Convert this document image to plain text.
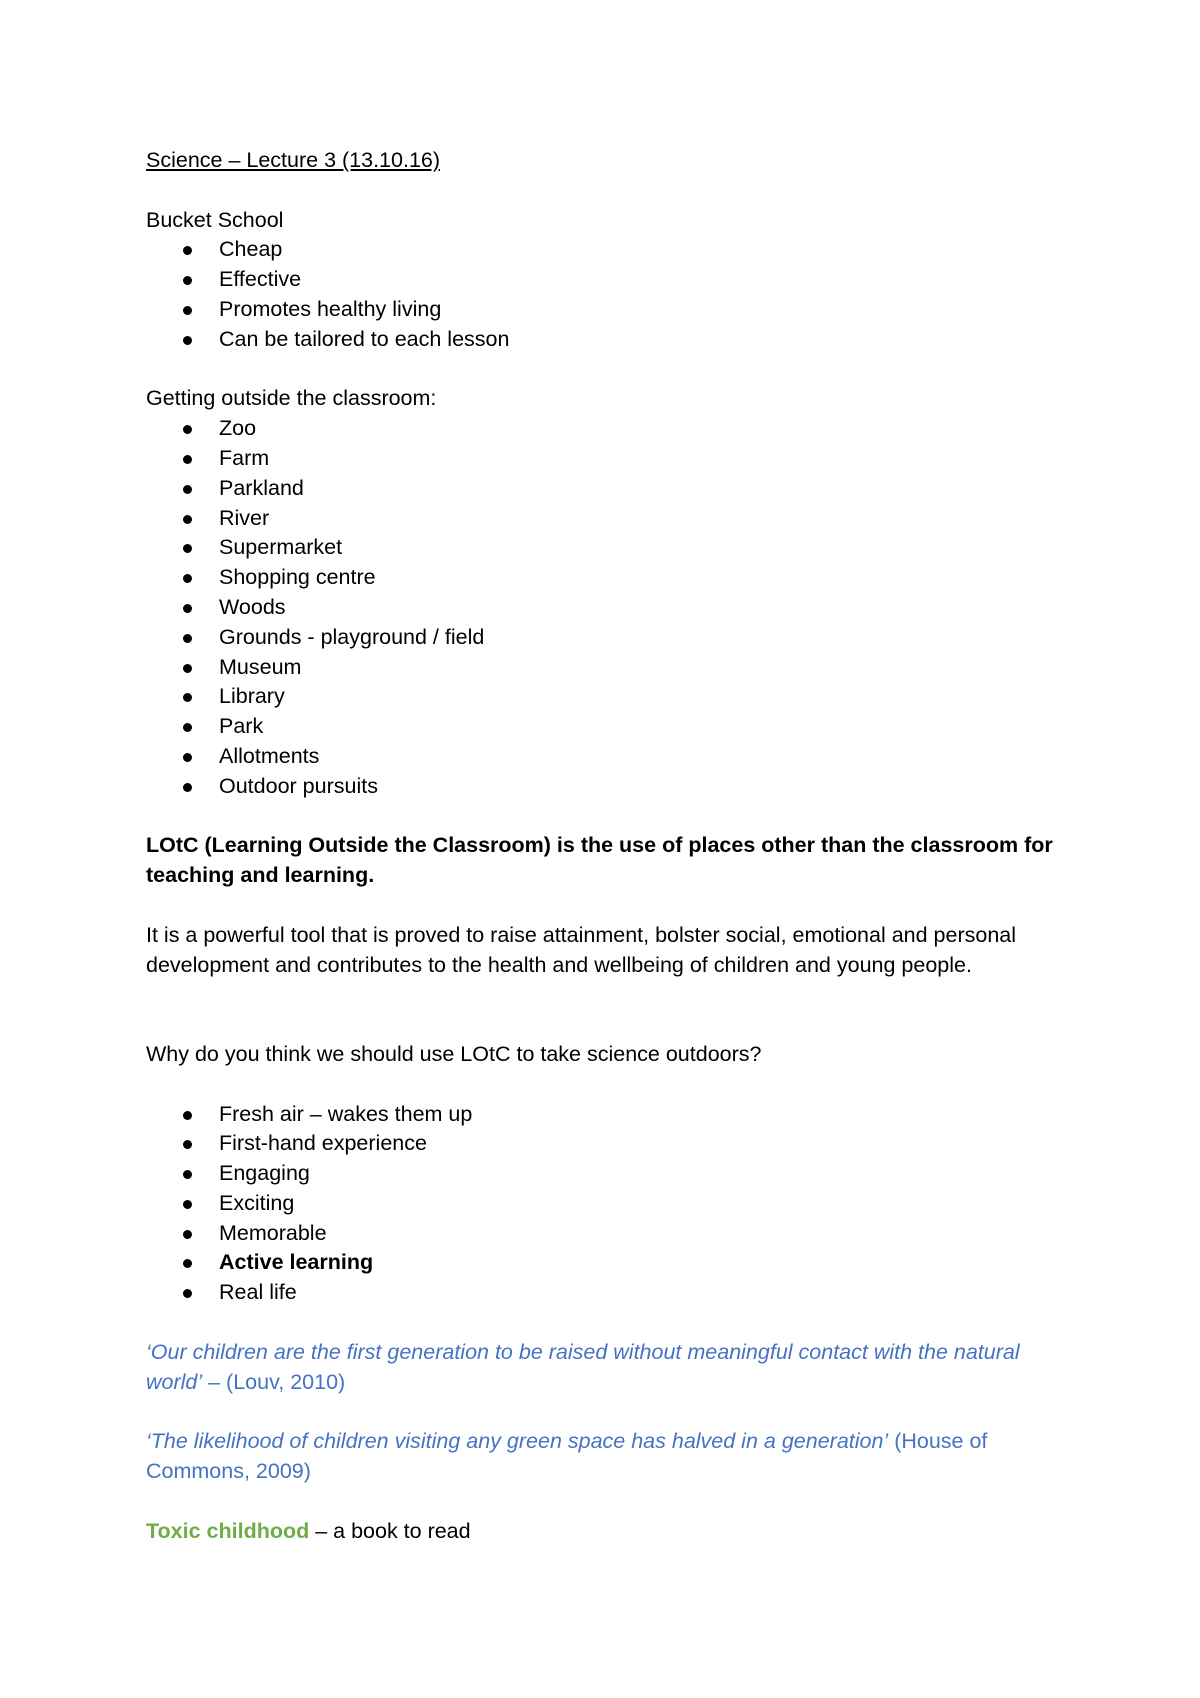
Science – Lecture 3 (13.10.16)

Bucket School

Cheap
Effective
Promotes healthy living
Can be tailored to each lesson

Getting outside the classroom:

Zoo
Farm
Parkland
River
Supermarket
Shopping centre
Woods
Grounds - playground / field
Museum
Library
Park
Allotments
Outdoor pursuits

LOtC (Learning Outside the Classroom) is the use of places other than the classroom for teaching and learning.

It is a powerful tool that is proved to raise attainment, bolster social, emotional and personal development and contributes to the health and wellbeing of children and young people.

Why do you think we should use LOtC to take science outdoors?

Fresh air – wakes them up
First-hand experience
Engaging
Exciting
Memorable
Active learning
Real life

‘Our children are the first generation to be raised without meaningful contact with the natural world’ – (Louv, 2010)

‘The likelihood of children visiting any green space has halved in a generation’ (House of Commons, 2009)

Toxic childhood – a book to read
